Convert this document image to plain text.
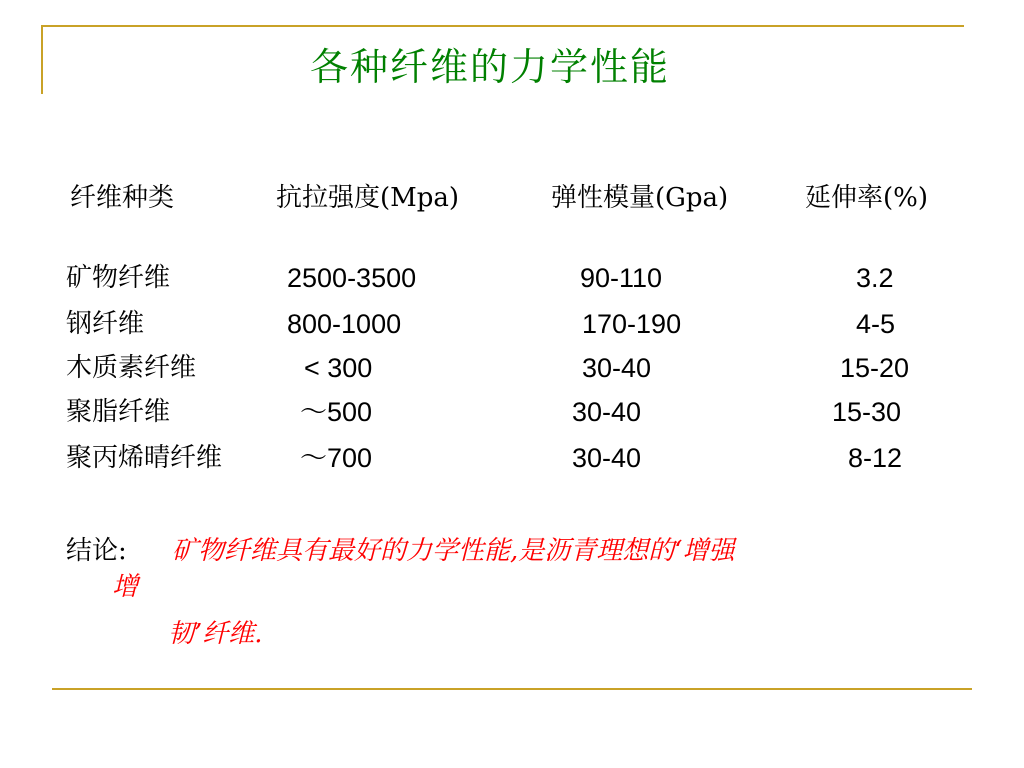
各种纤维的力学性能
纤维种类	抗拉强度(Mpa)	弹性模量(Gpa)	延伸率(%)
矿物纤维	2500-3500	90-110	3.2
钢纤维	800-1000	170-190	4-5
木质素纤维	< 300	30-40	15-20
聚脂纤维	～500	30-40	15-30
聚丙烯晴纤维	～700	30-40	8-12
结论: 矿物纤维具有最好的力学性能,是沥青理想的‘增强
增
韧’纤维.
